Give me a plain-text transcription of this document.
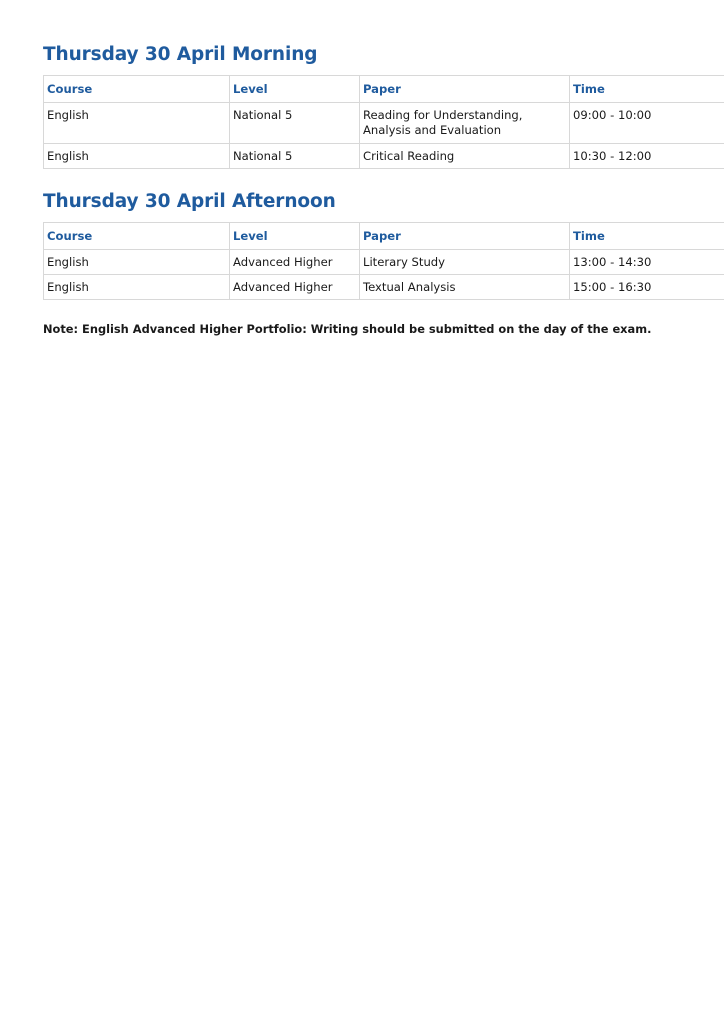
Thursday 30 April Morning
Course	Level	Paper	Time
English	National 5	Reading for Understanding, Analysis and Evaluation	09:00 - 10:00
English	National 5	Critical Reading	10:30 - 12:00
Thursday 30 April Afternoon
Course	Level	Paper	Time
English	Advanced Higher	Literary Study	13:00 - 14:30
English	Advanced Higher	Textual Analysis	15:00 - 16:30
Note: English Advanced Higher Portfolio: Writing should be submitted on the day of the exam.
